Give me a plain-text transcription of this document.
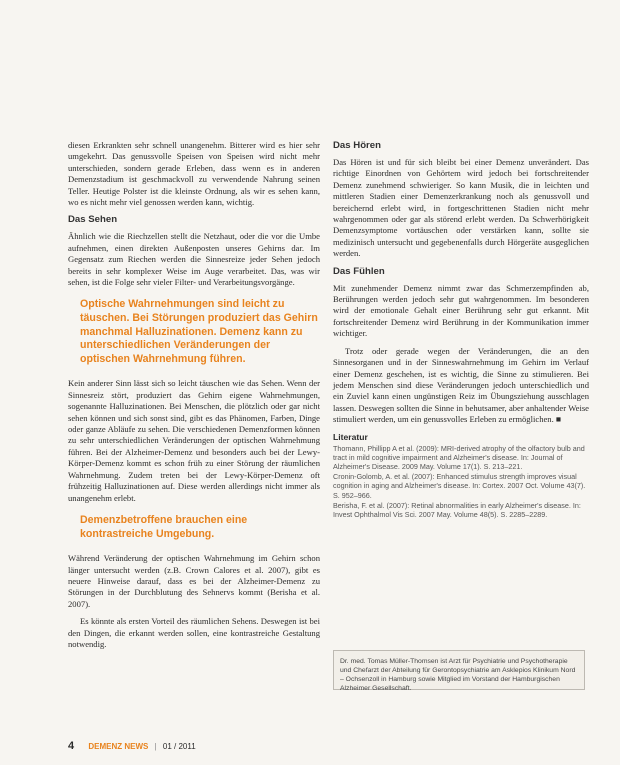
diesen Erkrankten sehr schnell unangenehm. Bitterer wird es hier sehr umgekehrt. Das genussvolle Speisen von Speisen wird nicht mehr unterschieden, sondern gerade Erleben, dass wenn es in anderen Demenzstadium ist geschmackvoll zu verwendende Nahrung seinen Teller. Heutige Polster ist die kleinste Ordnung, als wir es sehen kann, wo es nicht mehr viel genossen werden kann, wichtig.

Das Sehen

Ähnlich wie die Riechzellen stellt die Netzhaut, oder die vor die Umbe aufnehmen, einen direkten Außenposten unseres Gehirns dar. Im Gegensatz zum Riechen werden die Sinnesreize jeder Sehen jedoch bereits in sehr komplexer Weise im Auge verarbeitet. Das, was wir sehen, ist die Folge sehr vieler Filter- und Verarbeitungsvorgänge.

Optische Wahrnehmungen sind leicht zu täuschen. Bei Störungen produziert das Gehirn manchmal Halluzinationen. Demenz kann zu unterschiedlichen Veränderungen der optischen Wahrnehmung führen.

Kein anderer Sinn lässt sich so leicht täuschen wie das Sehen. Wenn der Sinnesreiz stört, produziert das Gehirn eigene Wahrnehmungen, sogenannte Halluzinationen. Bei Menschen, die plötzlich oder gar nicht sehen können und sich sonst sind, gibt es das Phänomen, Farben, Dinge oder ganze Abläufe zu sehen. Die verschiedenen Demenzformen können zu sehr unterschiedlichen Veränderungen der optischen Wahrnehmung führen. Bei der Alzheimer-Demenz und besonders auch bei der Lewy-Körper-Demenz kommt es schon früh zu einer Störung der räumlichen Wahrnehmung. Zudem treten bei der Lewy-Körper-Demenz oft frühzeitig Halluzinationen auf. Diese werden allerdings nicht immer als unangenehm erlebt.

Demenzbetroffene brauchen eine kontrastreiche Umgebung.

Während Veränderung der optischen Wahrnehmung im Gehirn schon länger untersucht werden (z.B. Crown Calores et al. 2007), gibt es neuere Hinweise darauf, dass es bei der Alzheimer-Demenz zu Störungen in der Durchblutung des Sehnervs kommt (Berisha et al. 2007).

Es könnte als ersten Vorteil des räumlichen Sehens. Deswegen ist bei den Dingen, die erkannt werden sollen, eine kontrastreiche Gestaltung notwendig.

Das Hören

Das Hören ist und für sich bleibt bei einer Demenz unverändert. Das richtige Einordnen von Gehörtem wird jedoch bei fortschreitender Demenz zunehmend schwieriger. So kann Musik, die in leichten und mittleren Stadien einer Demenzerkrankung noch als genussvoll und bereichernd erlebt wird, in fortgeschrittenen Stadien nicht mehr wahrgenommen oder gar als störend erlebt werden. Da Schwerhörigkeit Demenzsymptome vortäuschen oder verstärken kann, sollte sie medizinisch untersucht und gegebenenfalls durch Hörgeräte ausgeglichen werden.

Das Fühlen

Mit zunehmender Demenz nimmt zwar das Schmerzempfinden ab, Berührungen werden jedoch sehr gut wahrgenommen. Im besonderen wird der emotionale Gehalt einer Berührung sehr gut erkannt. Mit fortschreitender Demenz wird Berührung in der Kommunikation immer wichtiger.

Trotz oder gerade wegen der Veränderungen, die an den Sinnesorganen und in der Sinneswahrnehmung im Gehirn im Verlauf einer Demenz geschehen, ist es wichtig, die Sinne zu stimulieren. Bei jedem Menschen sind diese Veränderungen jedoch unterschiedlich und ein Zuviel kann einen ungünstigen Reiz im Übungsziehung ausschlagen lassen. Deswegen sollten die Sinne in behutsamer, aber anhaltender Weise stimuliert werden, um ein genussvolles Erleben zu ermöglichen. ■

Literatur
Thomann, Phillipp A et al. (2009): MRI-derived atrophy of the olfactory bulb and tract in mild cognitive impairment and Alzheimer's disease. In: Journal of Alzheimer's Disease. 2009 May. Volume 17(1). S. 213–221.
Cronin-Golomb, A. et al. (2007): Enhanced stimulus strength improves visual cognition in aging and Alzheimer's disease. In: Cortex. 2007 Oct. Volume 43(7). S. 952–966.
Berisha, F. et al. (2007): Retinal abnormalities in early Alzheimer's disease. In: Invest Ophthalmol Vis Sci. 2007 May. Volume 48(5). S. 2285–2289.
Dr. med. Tomas Müller-Thomsen ist Arzt für Psychiatrie und Psychotherapie und Chefarzt der Abteilung für Gerontopsychiatrie am Asklepios Klinikum Nord – Ochsenzoll in Hamburg sowie Mitglied im Vorstand der Hamburgischen Alzheimer Gesellschaft.
4 DEMENZ NEWS | 01 / 2011
